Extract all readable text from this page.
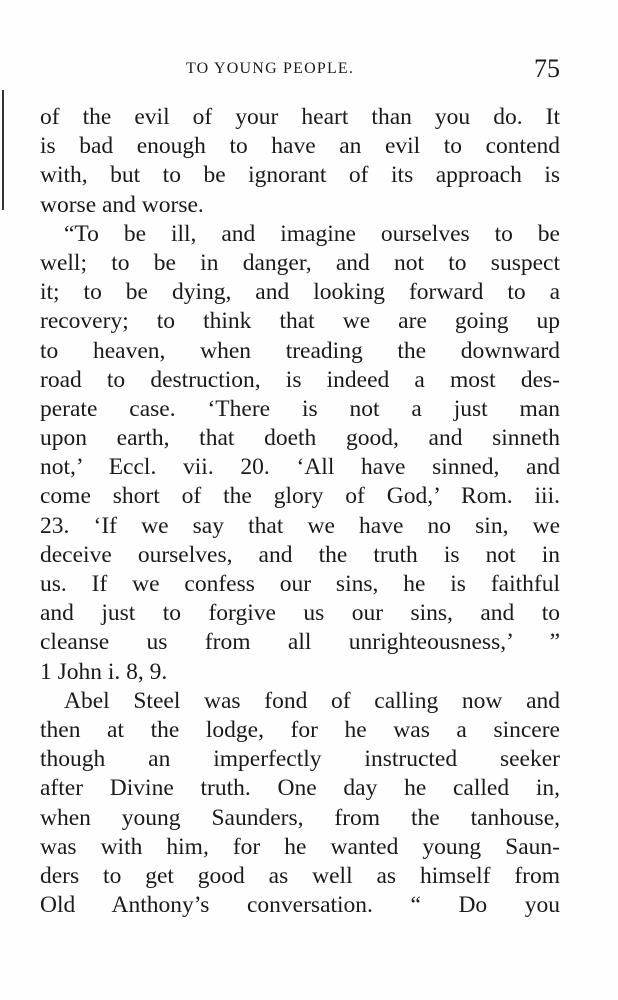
TO YOUNG PEOPLE.	75
of the evil of your heart than you do. It
is bad enough to have an evil to contend
with, but to be ignorant of its approach is
worse and worse.
“To be ill, and imagine ourselves to be
well; to be in danger, and not to suspect
it; to be dying, and looking forward to a
recovery; to think that we are going up
to heaven, when treading the downward
road to destruction, is indeed a most des-
perate case. ‘There is not a just man
upon earth, that doeth good, and sinneth
not,’ Eccl. vii. 20. ‘All have sinned, and
come short of the glory of God,’ Rom. iii.
23. ‘If we say that we have no sin, we
deceive ourselves, and the truth is not in
us. If we confess our sins, he is faithful
and just to forgive us our sins, and to
cleanse us from all unrighteousness,’ ”
1 John i. 8, 9.
Abel Steel was fond of calling now and
then at the lodge, for he was a sincere
though an imperfectly instructed seeker
after Divine truth. One day he called in,
when young Saunders, from the tanhouse,
was with him, for he wanted young Saun-
ders to get good as well as himself from
Old Anthony’s conversation. “ Do you
